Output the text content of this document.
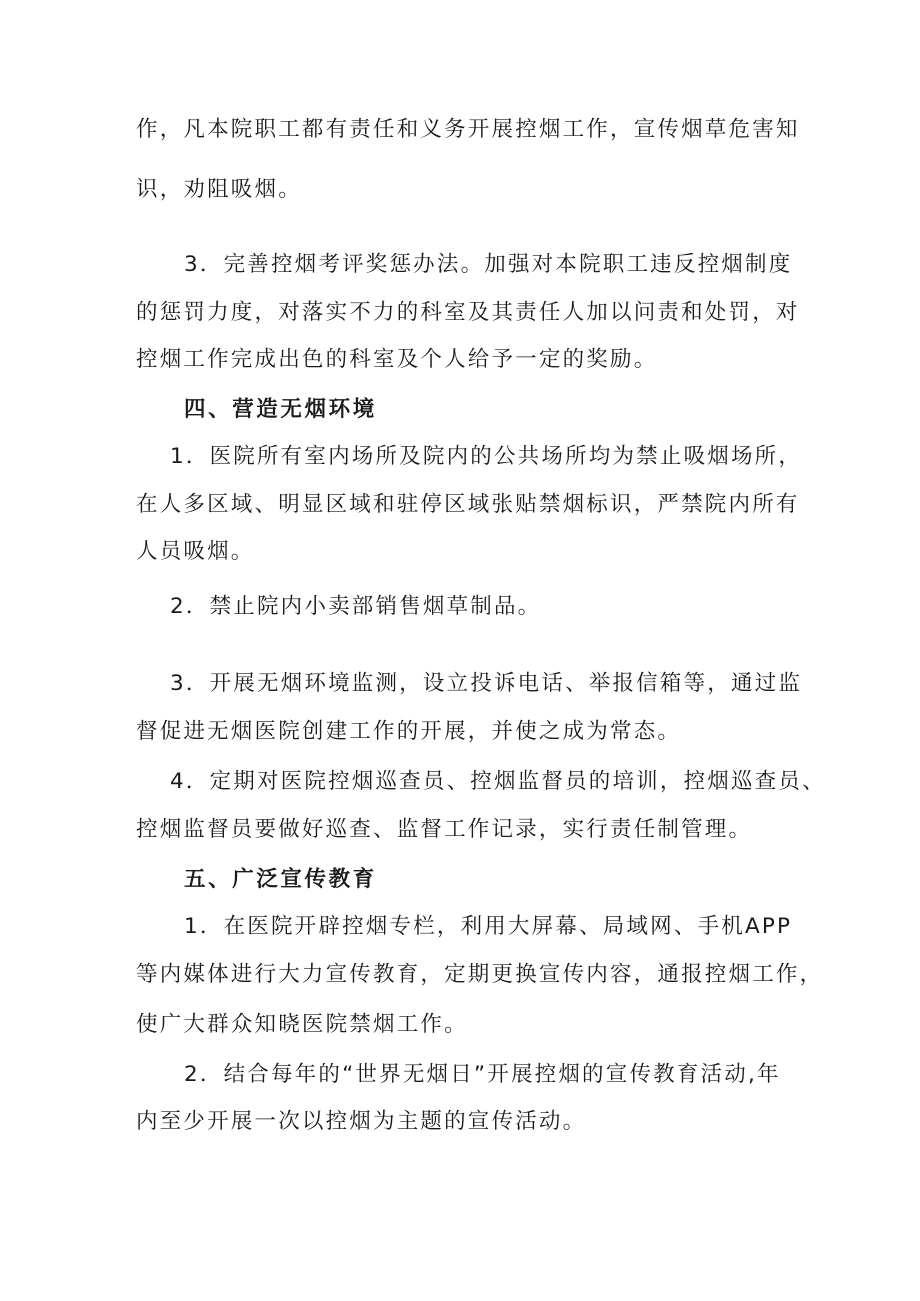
作，凡本院职工都有责任和义务开展控烟工作，宣传烟草危害知
识，劝阻吸烟。
3．完善控烟考评奖惩办法。加强对本院职工违反控烟制度
的惩罚力度，对落实不力的科室及其责任人加以问责和处罚，对
控烟工作完成出色的科室及个人给予一定的奖励。
四、营造无烟环境
1．医院所有室内场所及院内的公共场所均为禁止吸烟场所，
在人多区域、明显区域和驻停区域张贴禁烟标识，严禁院内所有
人员吸烟。
2．禁止院内小卖部销售烟草制品。
3．开展无烟环境监测，设立投诉电话、举报信箱等，通过监
督促进无烟医院创建工作的开展，并使之成为常态。
4．定期对医院控烟巡查员、控烟监督员的培训，控烟巡查员、
控烟监督员要做好巡查、监督工作记录，实行责任制管理。
五、广泛宣传教育
1．在医院开辟控烟专栏，利用大屏幕、局域网、手机APP
等内媒体进行大力宣传教育，定期更换宣传内容，通报控烟工作，
使广大群众知晓医院禁烟工作。
2．结合每年的“世界无烟日”开展控烟的宣传教育活动,年
内至少开展一次以控烟为主题的宣传活动。
